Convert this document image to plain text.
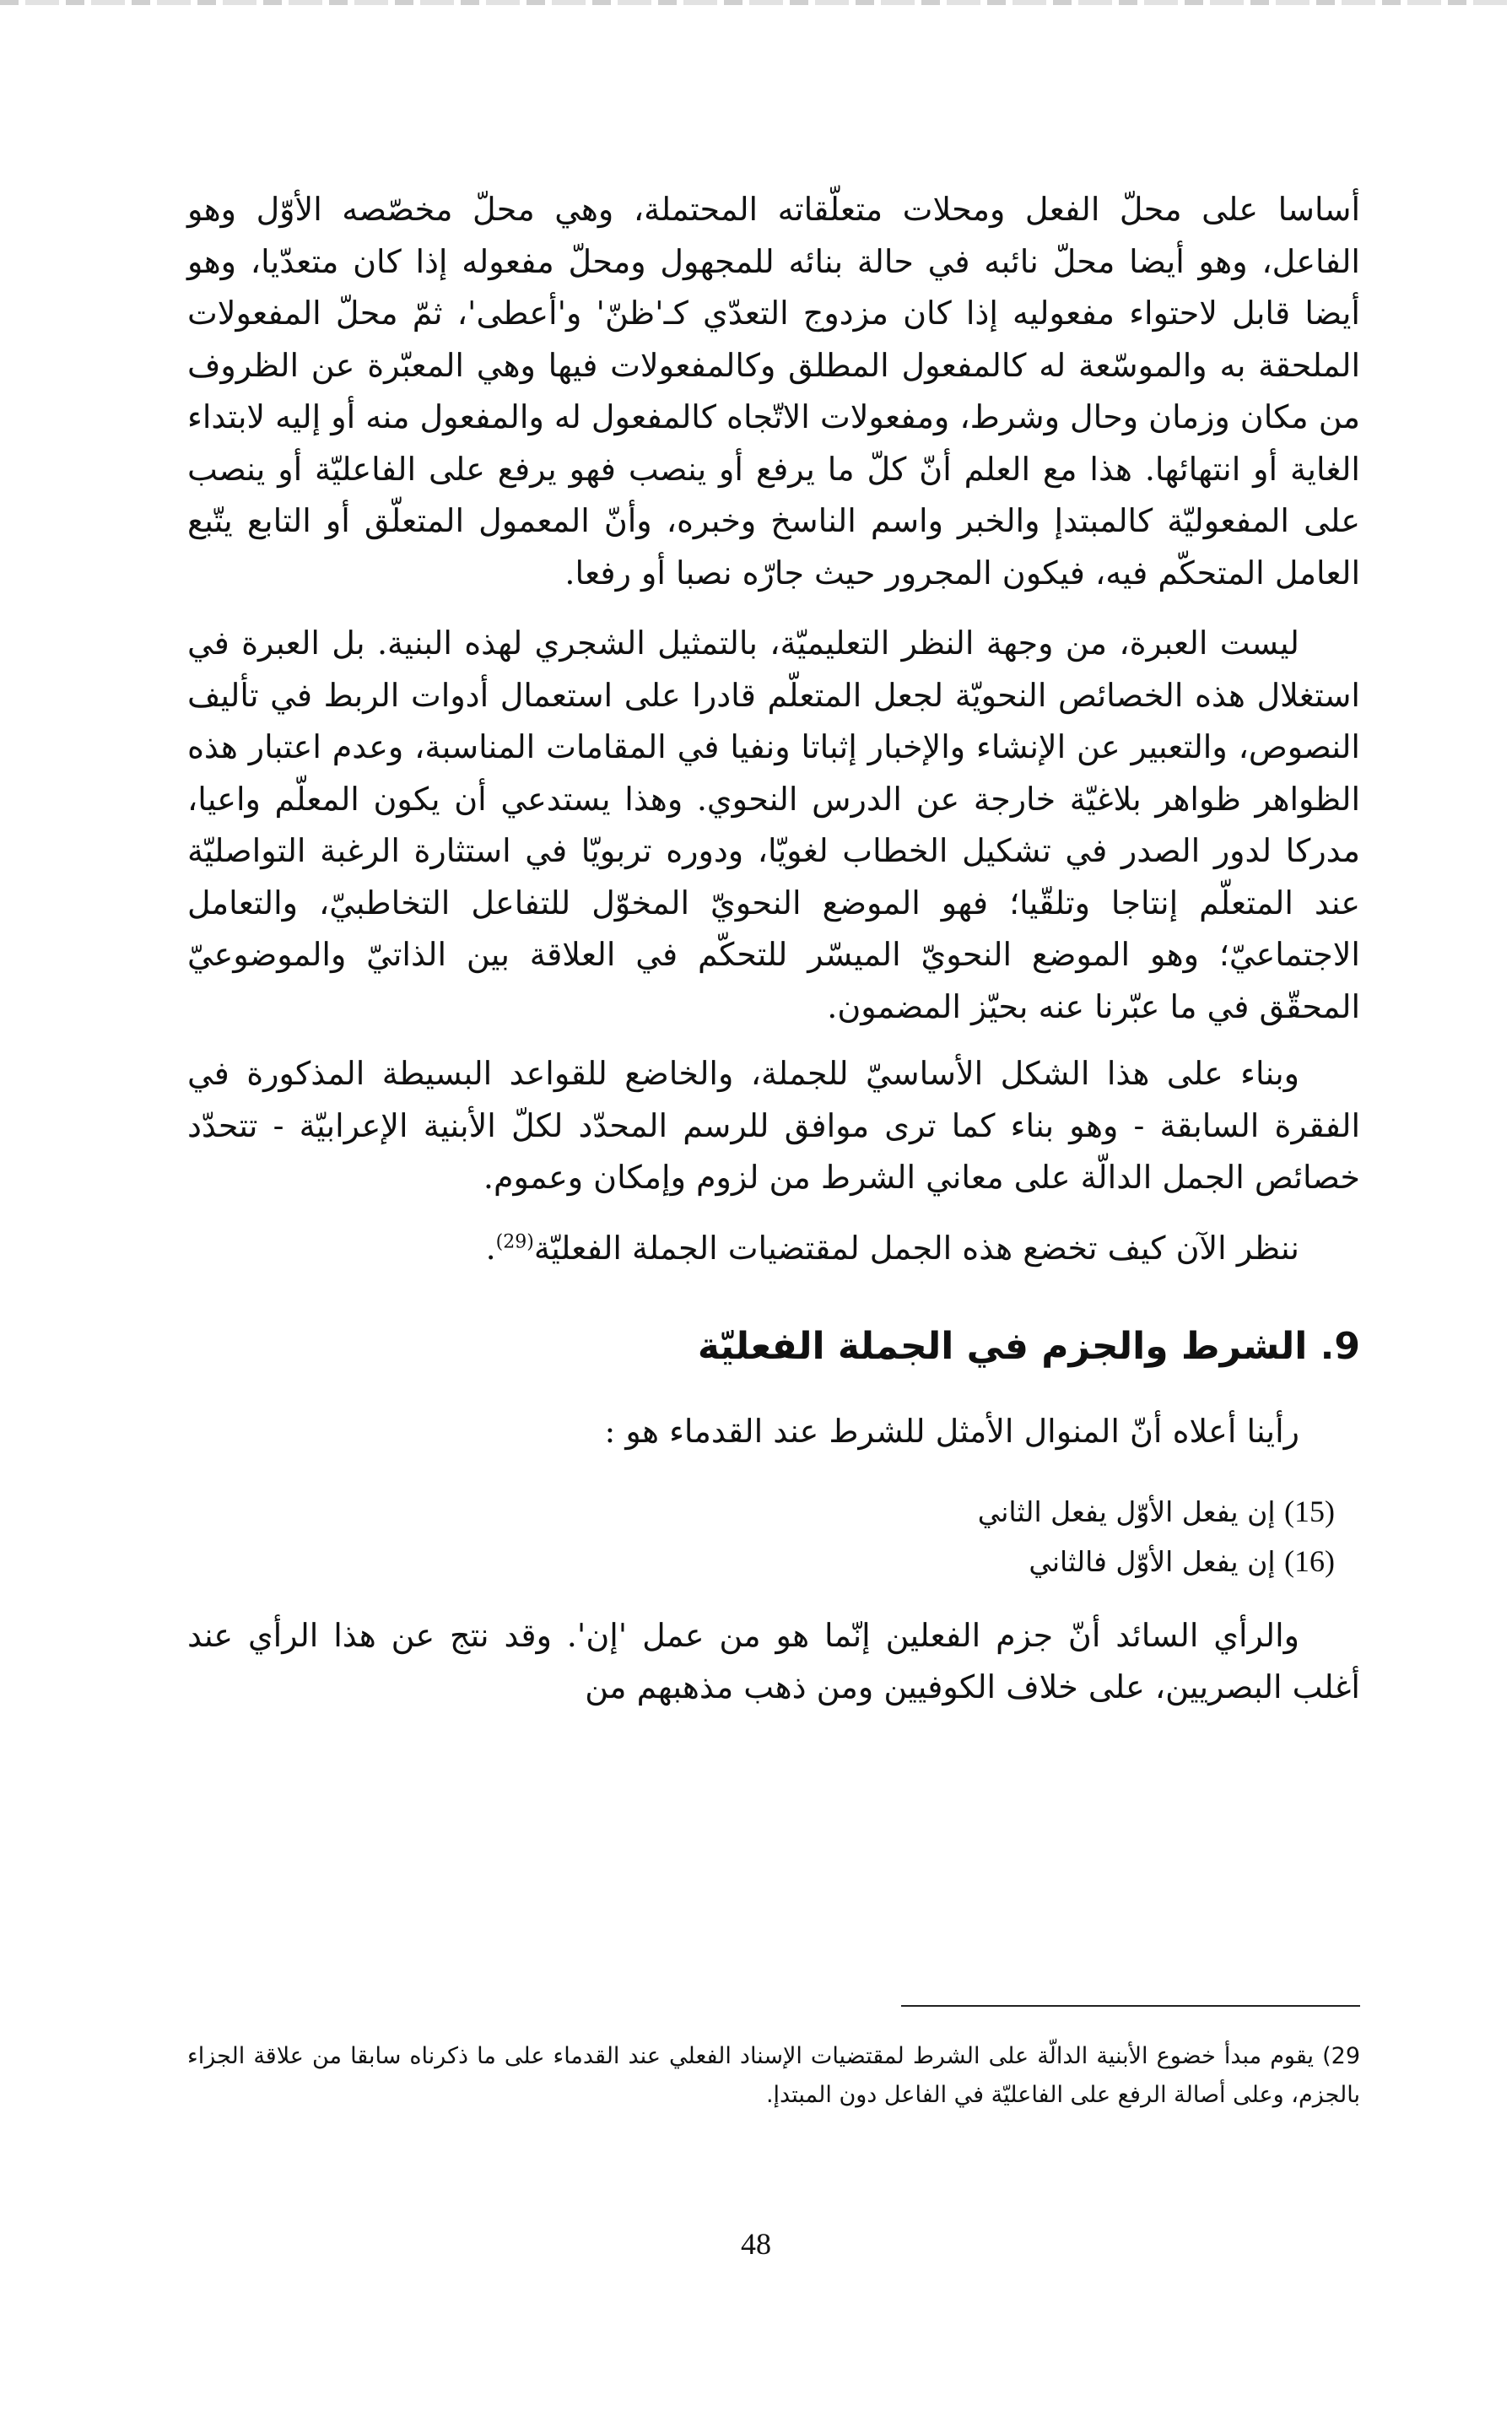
أساسا على محلّ الفعل ومحلات متعلّقاته المحتملة، وهي محلّ مخصّصه الأوّل وهو الفاعل، وهو أيضا محلّ نائبه في حالة بنائه للمجهول ومحلّ مفعوله إذا كان متعدّيا، وهو أيضا قابل لاحتواء مفعوليه إذا كان مزدوج التعدّي كـ'ظنّ' و'أعطى'، ثمّ محلّ المفعولات الملحقة به والموسّعة له كالمفعول المطلق وكالمفعولات فيها وهي المعبّرة عن الظروف من مكان وزمان وحال وشرط، ومفعولات الاتّجاه كالمفعول له والمفعول منه أو إليه لابتداء الغاية أو انتهائها. هذا مع العلم أنّ كلّ ما يرفع أو ينصب فهو يرفع على الفاعليّة أو ينصب على المفعوليّة كالمبتدإ والخبر واسم الناسخ وخبره، وأنّ المعمول المتعلّق أو التابع يتّبع العامل المتحكّم فيه، فيكون المجرور حيث جارّه نصبا أو رفعا.

ليست العبرة، من وجهة النظر التعليميّة، بالتمثيل الشجري لهذه البنية. بل العبرة في استغلال هذه الخصائص النحويّة لجعل المتعلّم قادرا على استعمال أدوات الربط في تأليف النصوص، والتعبير عن الإنشاء والإخبار إثباتا ونفيا في المقامات المناسبة، وعدم اعتبار هذه الظواهر ظواهر بلاغيّة خارجة عن الدرس النحوي. وهذا يستدعي أن يكون المعلّم واعيا، مدركا لدور الصدر في تشكيل الخطاب لغويّا، ودوره تربويّا في استثارة الرغبة التواصليّة عند المتعلّم إنتاجا وتلقّيا؛ فهو الموضع النحويّ المخوّل للتفاعل التخاطبيّ، والتعامل الاجتماعيّ؛ وهو الموضع النحويّ الميسّر للتحكّم في العلاقة بين الذاتيّ والموضوعيّ المحقّق في ما عبّرنا عنه بحيّز المضمون.

وبناء على هذا الشكل الأساسيّ للجملة، والخاضع للقواعد البسيطة المذكورة في الفقرة السابقة - وهو بناء كما ترى موافق للرسم المحدّد لكلّ الأبنية الإعرابيّة - تتحدّد خصائص الجمل الدالّة على معاني الشرط من لزوم وإمكان وعموم.

ننظر الآن كيف تخضع هذه الجمل لمقتضيات الجملة الفعليّة$^{(29)}$.

9. الشرط والجزم في الجملة الفعليّة

رأينا أعلاه أنّ المنوال الأمثل للشرط عند القدماء هو :

(15) إن يفعل الأوّل يفعل الثاني

(16) إن يفعل الأوّل فالثاني

والرأي السائد أنّ جزم الفعلين إنّما هو من عمل 'إن'. وقد نتج عن هذا الرأي عند أغلب البصريين، على خلاف الكوفيين ومن ذهب مذهبهم من

29) يقوم مبدأ خضوع الأبنية الدالّة على الشرط لمقتضيات الإسناد الفعلي عند القدماء على ما ذكرناه سابقا من علاقة الجزاء بالجزم، وعلى أصالة الرفع على الفاعليّة في الفاعل دون المبتدإ.

48
